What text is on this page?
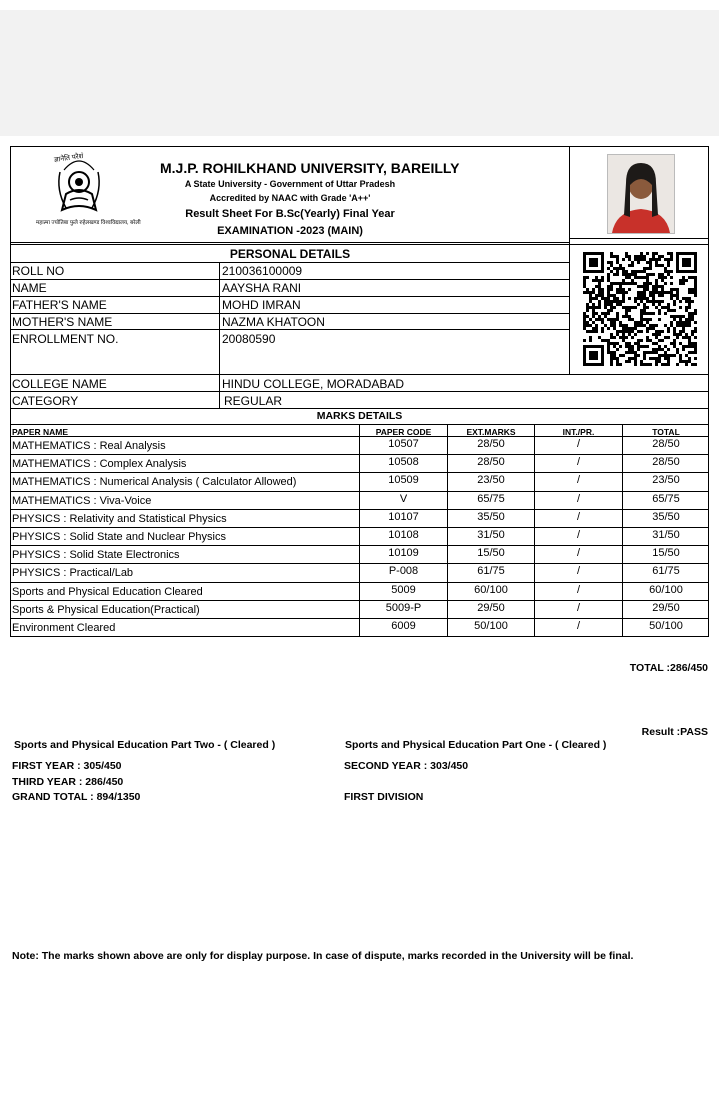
ज्ञानेति परेशं
महात्मा ज्योतिबा फुले रुहेलखण्ड विश्वविद्यालय, बरेली
M.J.P. ROHILKHAND UNIVERSITY, BAREILLY
A State University - Government of Uttar Pradesh
Accredited by NAAC with Grade 'A++'
Result Sheet For B.Sc(Yearly) Final Year
EXAMINATION -2023 (MAIN)
PERSONAL DETAILS
ROLL NO	210036100009
NAME	AAYSHA RANI
FATHER'S NAME	MOHD IMRAN
MOTHER'S NAME	NAZMA KHATOON
ENROLLMENT NO.	20080590
COLLEGE NAME	HINDU COLLEGE, MORADABAD
CATEGORY	REGULAR
MARKS DETAILS
PAPER NAME	PAPER CODE	EXT.MARKS	INT./PR.	TOTAL
MATHEMATICS : Real Analysis	10507	28/50	/	28/50
MATHEMATICS : Complex Analysis	10508	28/50	/	28/50
MATHEMATICS : Numerical Analysis ( Calculator Allowed)	10509	23/50	/	23/50
MATHEMATICS : Viva-Voice	V	65/75	/	65/75
PHYSICS : Relativity and Statistical Physics	10107	35/50	/	35/50
PHYSICS : Solid State and Nuclear Physics	10108	31/50	/	31/50
PHYSICS : Solid State Electronics	10109	15/50	/	15/50
PHYSICS : Practical/Lab	P-008	61/75	/	61/75
Sports and Physical Education Cleared	5009	60/100	/	60/100
Sports & Physical Education(Practical)	5009-P	29/50	/	29/50
Environment Cleared	6009	50/100	/	50/100
TOTAL :286/450
Result :PASS
Sports and Physical Education Part Two - ( Cleared )	Sports and Physical Education Part One - ( Cleared )
FIRST YEAR : 305/450	SECOND YEAR : 303/450
THIRD YEAR : 286/450
GRAND TOTAL : 894/1350	FIRST DIVISION
Note: The marks shown above are only for display purpose. In case of dispute, marks recorded in the University will be final.
